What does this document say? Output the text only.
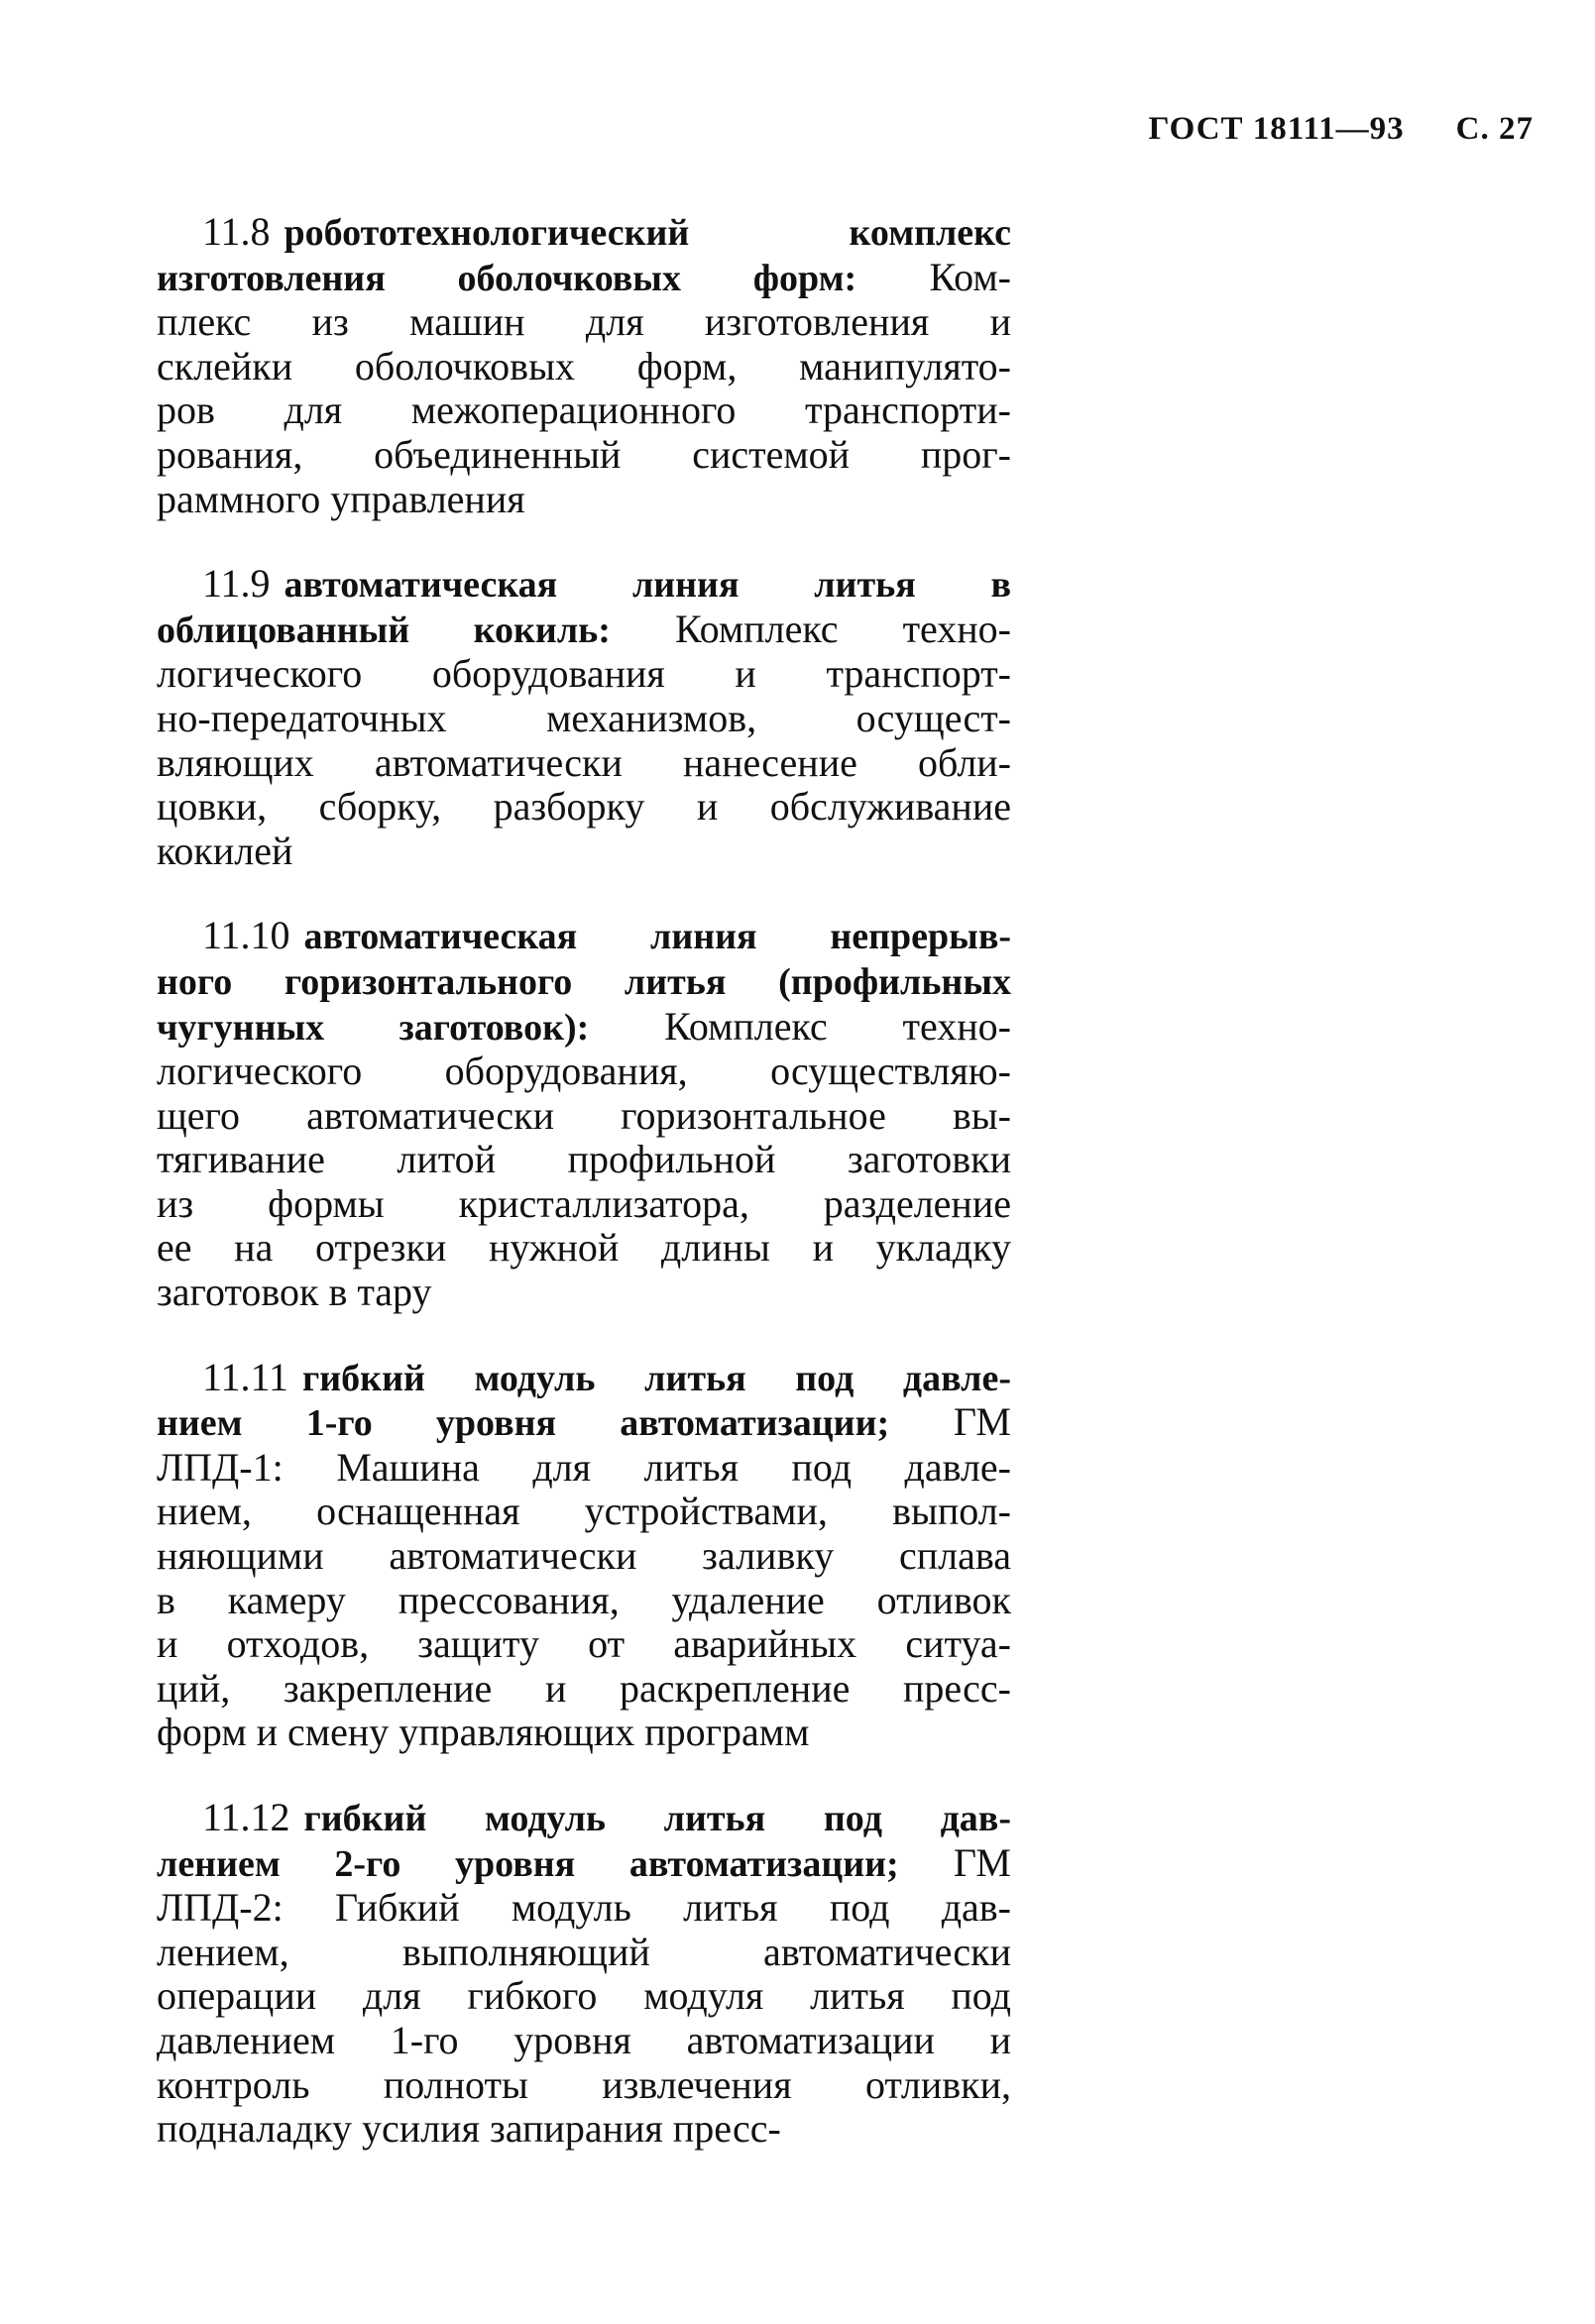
ГОСТ 18111—93 С. 27
11.8 робототехнологический комплекс
изготовления оболочковых форм: Ком-
плекс из машин для изготовления и
склейки оболочковых форм, манипулято-
ров для межоперационного транспорти-
рования, объединенный системой прог-
раммного управления
11.9 автоматическая линия литья в
облицованный кокиль: Комплекс техно-
логического оборудования и транспорт-
но-передаточных механизмов, осущест-
вляющих автоматически нанесение обли-
цовки, сборку, разборку и обслуживание
кокилей
11.10 автоматическая линия непрерыв-
ного горизонтального литья (профильных
чугунных заготовок): Комплекс техно-
логического оборудования, осуществляю-
щего автоматически горизонтальное вы-
тягивание литой профильной заготовки
из формы кристаллизатора, разделение
ее на отрезки нужной длины и укладку
заготовок в тару
11.11 гибкий модуль литья под давле-
нием 1-го уровня автоматизации; ГМ
ЛПД-1: Машина для литья под давле-
нием, оснащенная устройствами, выпол-
няющими автоматически заливку сплава
в камеру прессования, удаление отливок
и отходов, защиту от аварийных ситуа-
ций, закрепление и раскрепление пресс-
форм и смену управляющих программ
11.12 гибкий модуль литья под дав-
лением 2-го уровня автоматизации; ГМ
ЛПД-2: Гибкий модуль литья под дав-
лением, выполняющий автоматически
операции для гибкого модуля литья под
давлением 1-го уровня автоматизации и
контроль полноты извлечения отливки,
подналадку усилия запирания пресс-
